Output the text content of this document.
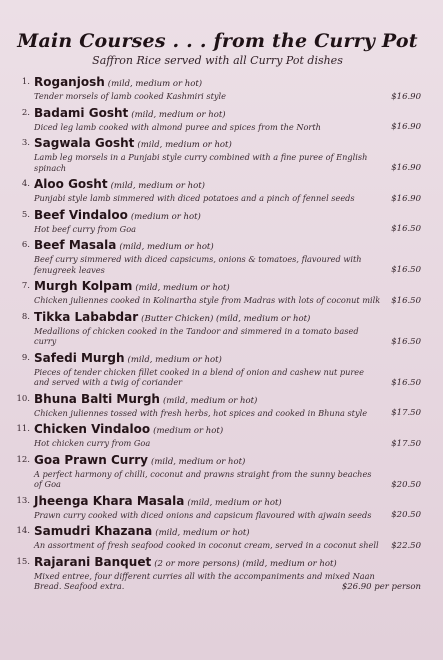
Main Courses . . . from the Curry Pot
Saffron Rice served with all Curry Pot dishes
1. Roganjosh (mild, medium or hot)
Tender morsels of lamb cooked Kashmiri style	$16.90
2. Badami Gosht (mild, medium or hot)
Diced leg lamb cooked with almond puree and spices from the North	$16.90
3. Sagwala Gosht (mild, medium or hot)
Lamb leg morsels in a Punjabi style curry combined with a fine puree of English spinach	$16.90
4. Aloo Gosht (mild, medium or hot)
Punjabi style lamb simmered with diced potatoes and a pinch of fennel seeds	$16.90
5. Beef Vindaloo (medium or hot)
Hot beef curry from Goa	$16.50
6. Beef Masala (mild, medium or hot)
Beef curry simmered with diced capsicums, onions & tomatoes, flavoured with fenugreek leaves	$16.50
7. Murgh Kolpam (mild, medium or hot)
Chicken juliennes cooked in Kolinartha style from Madras with lots of coconut milk	$16.50
8. Tikka Lababdar (Butter Chicken) (mild, medium or hot)
Medallions of chicken cooked in the Tandoor and simmered in a tomato based curry	$16.50
9. Safedi Murgh (mild, medium or hot)
Pieces of tender chicken fillet cooked in a blend of onion and cashew nut puree and served with a twig of coriander	$16.50
10. Bhuna Balti Murgh (mild, medium or hot)
Chicken juliennes tossed with fresh herbs, hot spices and cooked in Bhuna style	$17.50
11. Chicken Vindaloo (medium or hot)
Hot chicken curry from Goa	$17.50
12. Goa Prawn Curry (mild, medium or hot)
A perfect harmony of chilli, coconut and prawns straight from the sunny beaches of Goa	$20.50
13. Jheenga Khara Masala (mild, medium or hot)
Prawn curry cooked with diced onions and capsicum flavoured with ajwain seeds	$20.50
14. Samudri Khazana (mild, medium or hot)
An assortment of fresh seafood cooked in coconut cream, served in a coconut shell	$22.50
15. Rajarani Banquet (2 or more persons) (mild, medium or hot)
Mixed entree, four different curries all with the accompaniments and mixed Naan Bread. Seafood extra.	$26.90 per person
